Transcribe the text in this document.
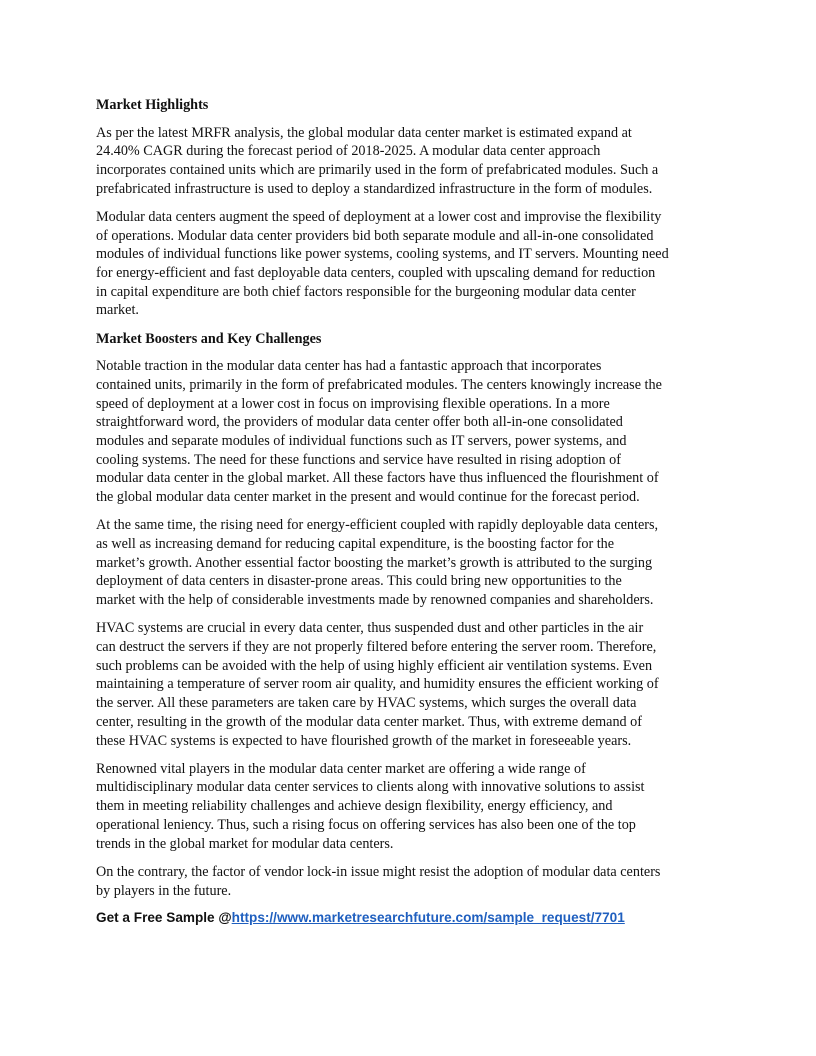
Market Highlights

As per the latest MRFR analysis, the global modular data center market is estimated expand at
24.40% CAGR during the forecast period of 2018-2025. A modular data center approach
incorporates contained units which are primarily used in the form of prefabricated modules. Such a
prefabricated infrastructure is used to deploy a standardized infrastructure in the form of modules.

Modular data centers augment the speed of deployment at a lower cost and improvise the flexibility
of operations. Modular data center providers bid both separate module and all-in-one consolidated
modules of individual functions like power systems, cooling systems, and IT servers. Mounting need
for energy-efficient and fast deployable data centers, coupled with upscaling demand for reduction
in capital expenditure are both chief factors responsible for the burgeoning modular data center
market.

Market Boosters and Key Challenges

Notable traction in the modular data center has had a fantastic approach that incorporates
contained units, primarily in the form of prefabricated modules. The centers knowingly increase the
speed of deployment at a lower cost in focus on improvising flexible operations. In a more
straightforward word, the providers of modular data center offer both all-in-one consolidated
modules and separate modules of individual functions such as IT servers, power systems, and
cooling systems. The need for these functions and service have resulted in rising adoption of
modular data center in the global market. All these factors have thus influenced the flourishment of
the global modular data center market in the present and would continue for the forecast period.

At the same time, the rising need for energy-efficient coupled with rapidly deployable data centers,
as well as increasing demand for reducing capital expenditure, is the boosting factor for the
market’s growth. Another essential factor boosting the market’s growth is attributed to the surging
deployment of data centers in disaster-prone areas. This could bring new opportunities to the
market with the help of considerable investments made by renowned companies and shareholders.

HVAC systems are crucial in every data center, thus suspended dust and other particles in the air
can destruct the servers if they are not properly filtered before entering the server room. Therefore,
such problems can be avoided with the help of using highly efficient air ventilation systems. Even
maintaining a temperature of server room air quality, and humidity ensures the efficient working of
the server. All these parameters are taken care by HVAC systems, which surges the overall data
center, resulting in the growth of the modular data center market. Thus, with extreme demand of
these HVAC systems is expected to have flourished growth of the market in foreseeable years.

Renowned vital players in the modular data center market are offering a wide range of
multidisciplinary modular data center services to clients along with innovative solutions to assist
them in meeting reliability challenges and achieve design flexibility, energy efficiency, and
operational leniency. Thus, such a rising focus on offering services has also been one of the top
trends in the global market for modular data centers.

On the contrary, the factor of vendor lock-in issue might resist the adoption of modular data centers
by players in the future.

Get a Free Sample @https://www.marketresearchfuture.com/sample_request/7701
